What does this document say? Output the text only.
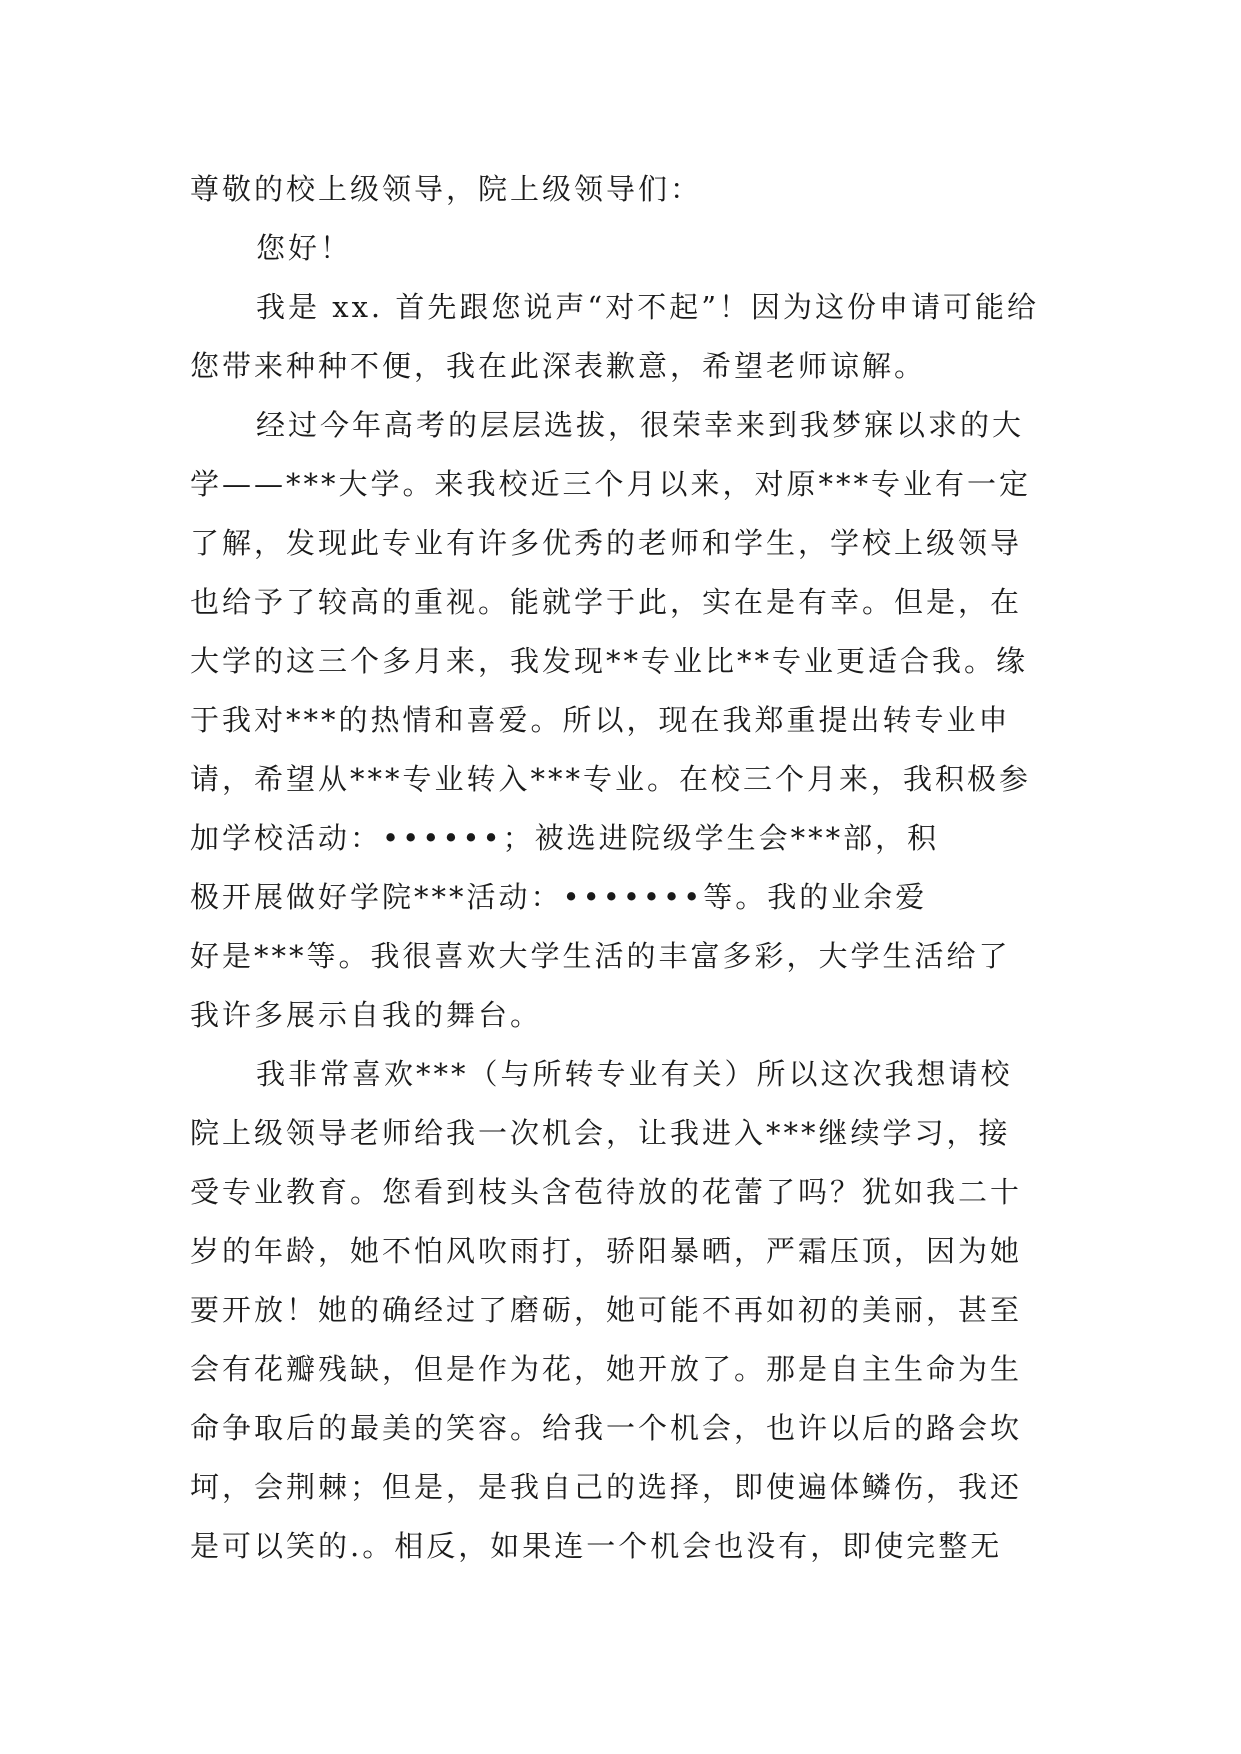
尊敬的校上级领导，院上级领导们：
您好！
我是 xx. 首先跟您说声“对不起”！因为这份申请可能给
您带来种种不便，我在此深表歉意，希望老师谅解。
经过今年高考的层层选拔，很荣幸来到我梦寐以求的大
学——***大学。来我校近三个月以来，对原***专业有一定
了解，发现此专业有许多优秀的老师和学生，学校上级领导
也给予了较高的重视。能就学于此，实在是有幸。但是，在
大学的这三个多月来，我发现**专业比**专业更适合我。缘
于我对***的热情和喜爱。所以，现在我郑重提出转专业申
请，希望从***专业转入***专业。在校三个月来，我积极参
加学校活动：••••••；被选进院级学生会***部，积
极开展做好学院***活动：•••••••等。我的业余爱
好是***等。我很喜欢大学生活的丰富多彩，大学生活给了
我许多展示自我的舞台。
我非常喜欢***（与所转专业有关）所以这次我想请校
院上级领导老师给我一次机会，让我进入***继续学习，接
受专业教育。您看到枝头含苞待放的花蕾了吗？犹如我二十
岁的年龄，她不怕风吹雨打，骄阳暴晒，严霜压顶，因为她
要开放！她的确经过了磨砺，她可能不再如初的美丽，甚至
会有花瓣残缺，但是作为花，她开放了。那是自主生命为生
命争取后的最美的笑容。给我一个机会，也许以后的路会坎
坷，会荆棘；但是，是我自己的选择，即使遍体鳞伤，我还
是可以笑的.。相反，如果连一个机会也没有，即使完整无
